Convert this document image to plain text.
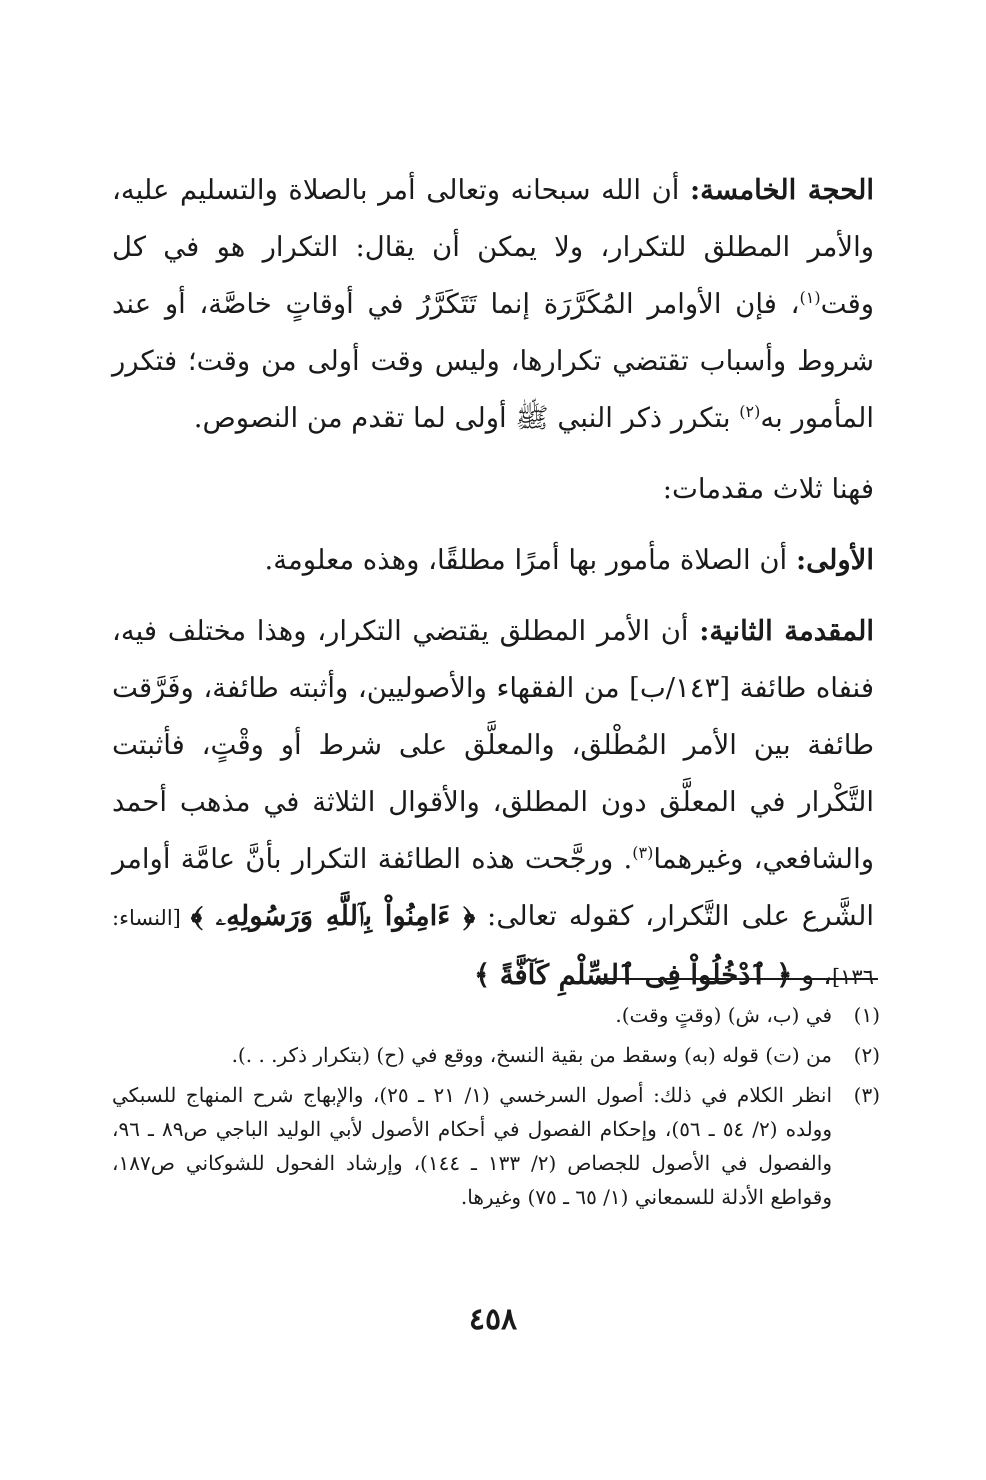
الحجة الخامسة: أن الله سبحانه وتعالى أمر بالصلاة والتسليم عليه، والأمر المطلق للتكرار، ولا يمكن أن يقال: التكرار هو في كل وقت$^{(١)}$، فإن الأوامر المُكَرَّرَة إنما تَتَكَرَّرُ في أوقاتٍ خاصَّة، أو عند شروط وأسباب تقتضي تكرارها، وليس وقت أولى من وقت؛ فتكرر المأمور به$^{(٢)}$ بتكرر ذكر النبي ﷺ أولى لما تقدم من النصوص.

فهنا ثلاث مقدمات:

الأولى: أن الصلاة مأمور بها أمرًا مطلقًا، وهذه معلومة.

المقدمة الثانية: أن الأمر المطلق يقتضي التكرار، وهذا مختلف فيه، فنفاه طائفة [١٤٣/ب] من الفقهاء والأصوليين، وأثبته طائفة، وفَرَّقت طائفة بين الأمر المُطْلق، والمعلَّق على شرط أو وقْتٍ، فأثبتت التَّكْرار في المعلَّق دون المطلق، والأقوال الثلاثة في مذهب أحمد والشافعي، وغيرهما$^{(٣)}$. ورجَّحت هذه الطائفة التكرار بأنَّ عامَّة أوامر الشَّرع على التَّكرار، كقوله تعالى: ﴿ ءَامِنُواْ بِٱللَّهِ وَرَسُولِهِۦ ﴾ [النساء: ١٣٦]، و ﴿ ٱدْخُلُواْ فِى ٱلسِّلْمِ كَآفَّةً ﴾

(١)
في (ب، ش) (وقتٍ وقت).
(٢)
من (ت) قوله (به) وسقط من بقية النسخ، ووقع في (ح) (بتكرار ذكر. . .).
(٣)
انظر الكلام في ذلك: أصول السرخسي (١/ ٢١ ـ ٢٥)، والإبهاج شرح المنهاج للسبكي وولده (٢/ ٥٤ ـ ٥٦)، وإحكام الفصول في أحكام الأصول لأبي الوليد الباجي ص٨٩ ـ ٩٦، والفصول في الأصول للجصاص (٢/ ١٣٣ ـ ١٤٤)، وإرشاد الفحول للشوكاني ص١٨٧، وقواطع الأدلة للسمعاني (١/ ٦٥ ـ ٧٥) وغيرها.
٤٥٨
